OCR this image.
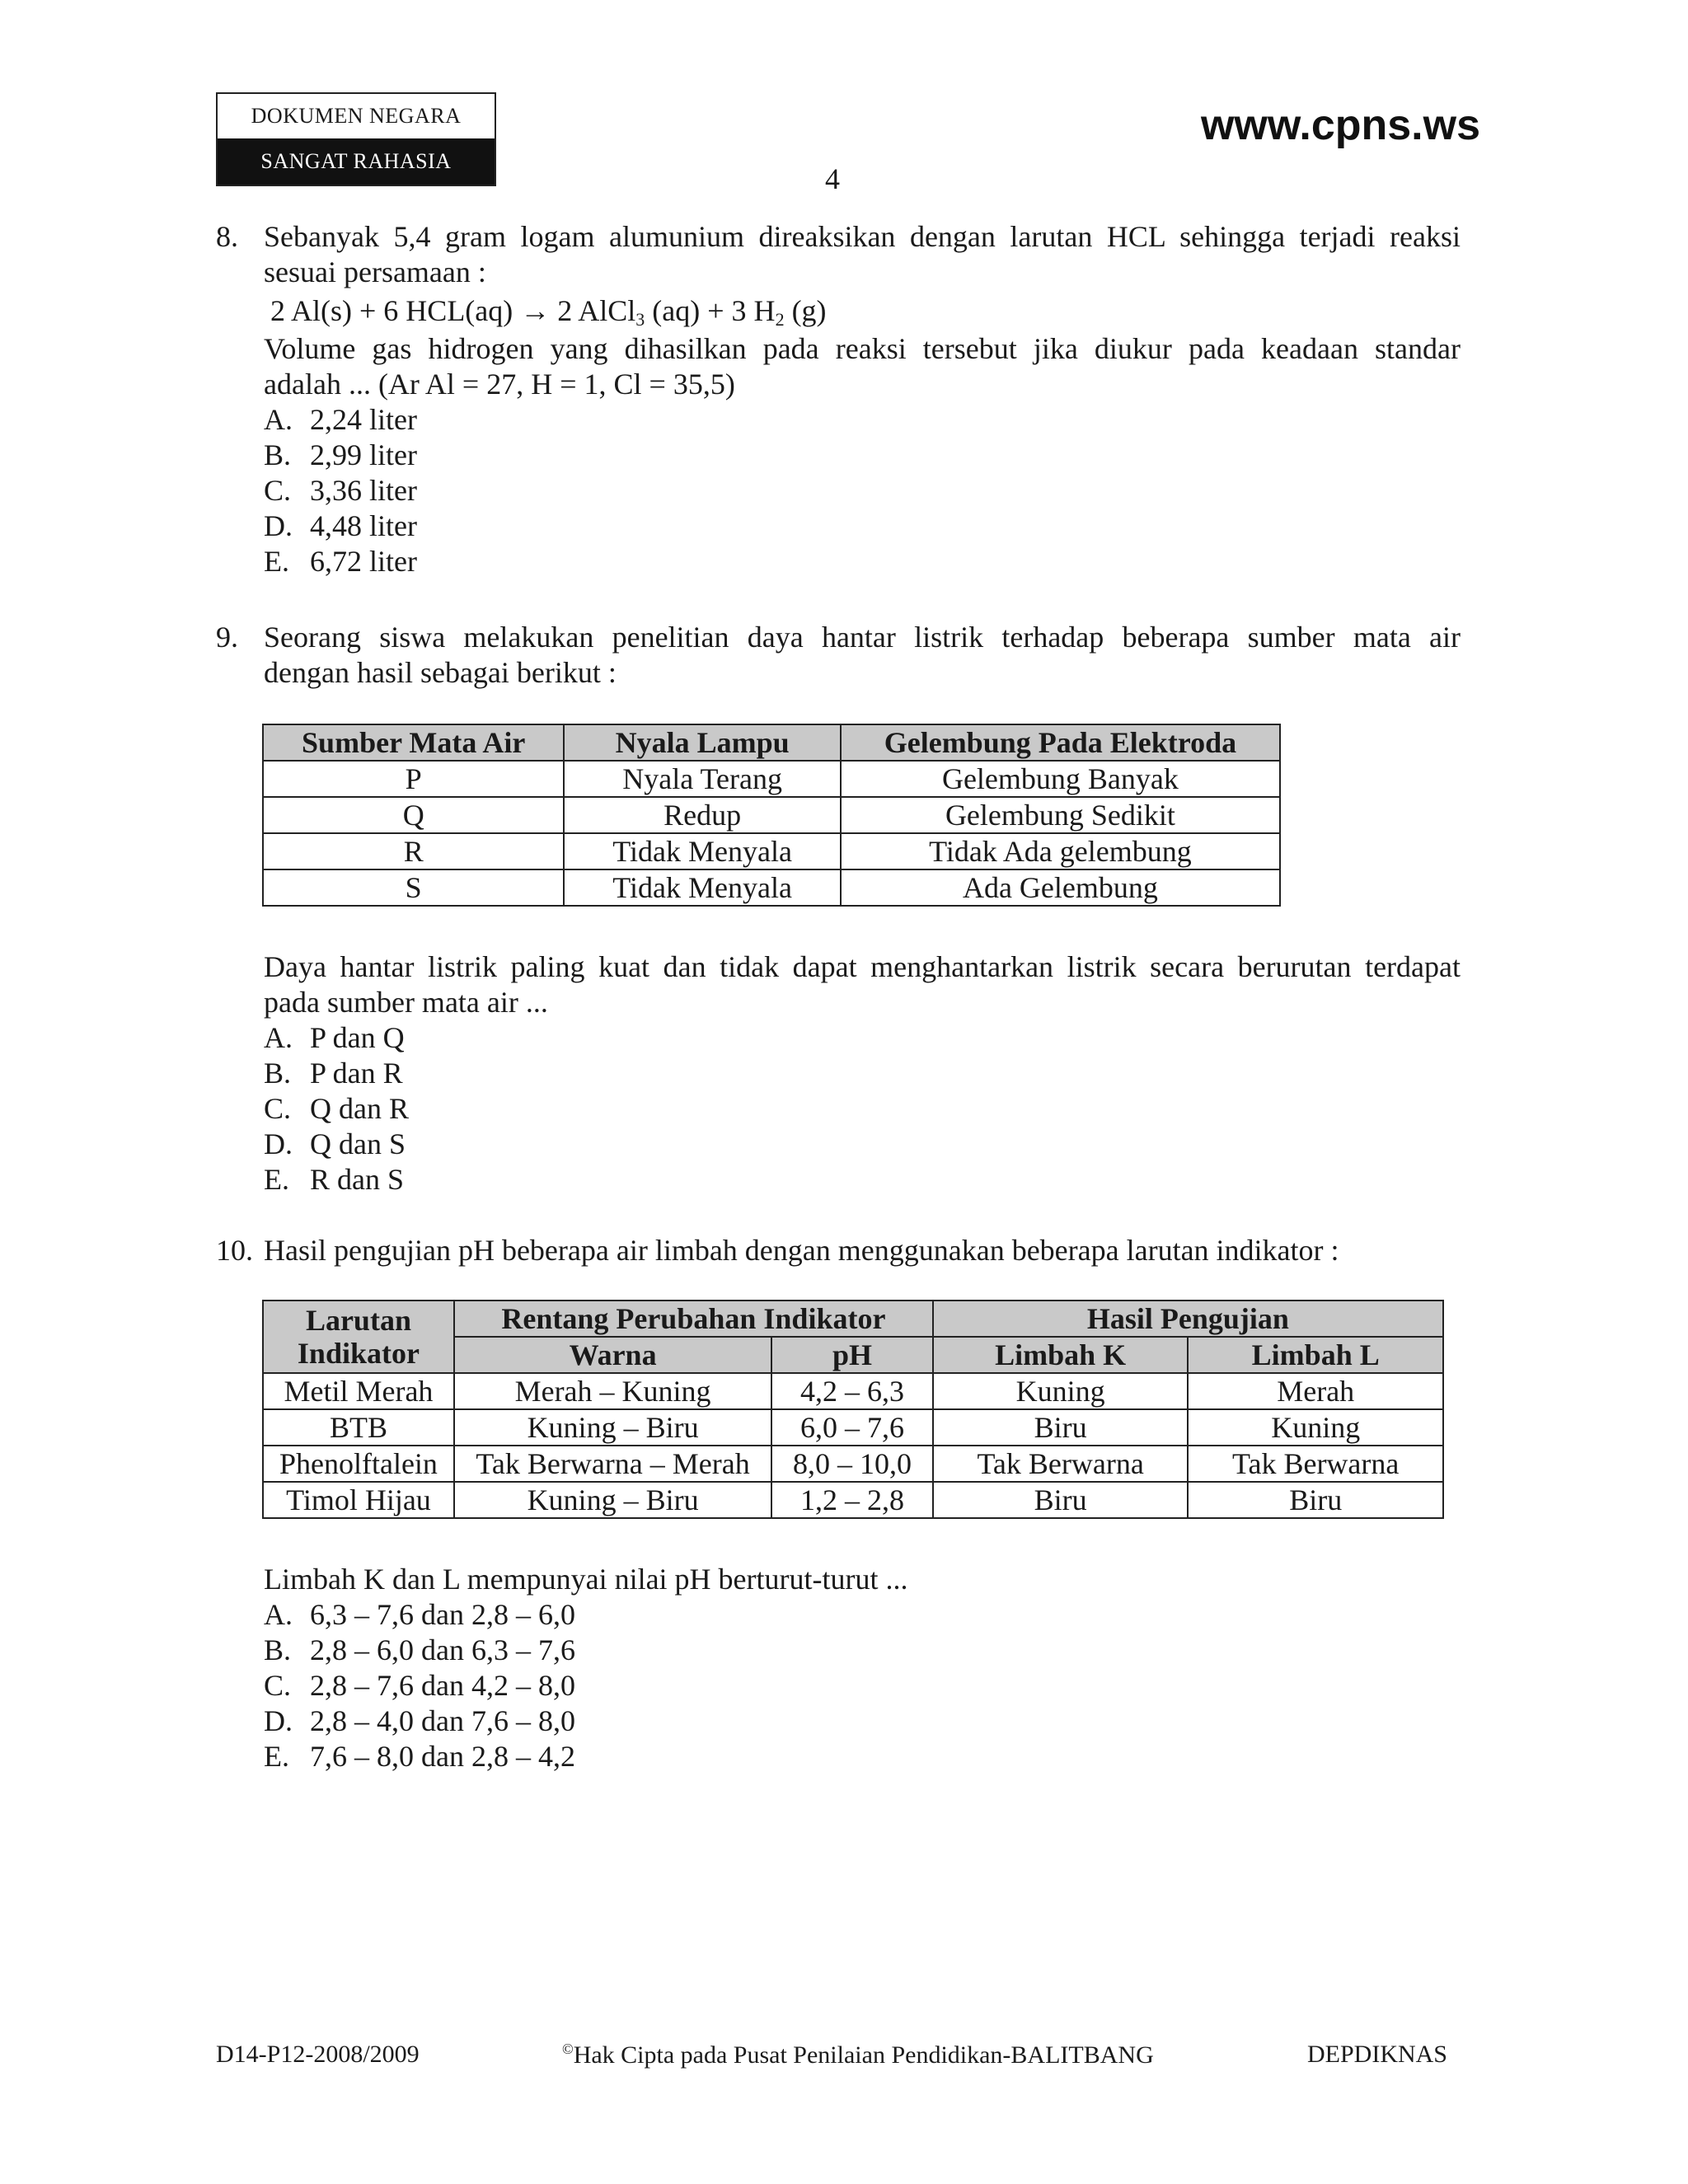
DOKUMEN NEGARA
SANGAT RAHASIA
www.cpns.ws
4
8. Sebanyak 5,4 gram logam alumunium direaksikan dengan larutan HCL sehingga terjadi reaksi
sesuai persamaan :
2 Al(s) + 6 HCL(aq) → 2 AlCl$_3$ (aq) + 3 $H_2$ (g)
Volume gas hidrogen yang dihasilkan pada reaksi tersebut jika diukur pada keadaan standar
adalah ... (Ar Al = 27, H = 1, Cl = 35,5)
A. 2,24 liter
B. 2,99 liter
C. 3,36 liter
D. 4,48 liter
E. 6,72 liter
9. Seorang siswa melakukan penelitian daya hantar listrik terhadap beberapa sumber mata air
dengan hasil sebagai berikut :
Sumber Mata Air	Nyala Lampu	Gelembung Pada Elektroda
P	Nyala Terang	Gelembung Banyak
Q	Redup	Gelembung Sedikit
R	Tidak Menyala	Tidak Ada gelembung
S	Tidak Menyala	Ada Gelembung
Daya hantar listrik paling kuat dan tidak dapat menghantarkan listrik secara berurutan terdapat
pada sumber mata air ...
A. P dan Q
B. P dan R
C. Q dan R
D. Q dan S
E. R dan S
10. Hasil pengujian pH beberapa air limbah dengan menggunakan beberapa larutan indikator :
Larutan Indikator	Rentang Perubahan Indikator		Hasil Pengujian	
	Warna	pH	Limbah K	Limbah L
Metil Merah	Merah – Kuning	4,2 – 6,3	Kuning	Merah
BTB	Kuning – Biru	6,0 – 7,6	Biru	Kuning
Phenolftalein	Tak Berwarna – Merah	8,0 – 10,0	Tak Berwarna	Tak Berwarna
Timol Hijau	Kuning – Biru	1,2 – 2,8	Biru	Biru
Limbah K dan L mempunyai nilai pH berturut-turut ...
A. 6,3 – 7,6 dan 2,8 – 6,0
B. 2,8 – 6,0 dan 6,3 – 7,6
C. 2,8 – 7,6 dan 4,2 – 8,0
D. 2,8 – 4,0 dan 7,6 – 8,0
E. 7,6 – 8,0 dan 2,8 – 4,2
D14-P12-2008/2009	©Hak Cipta pada Pusat Penilaian Pendidikan-BALITBANG	DEPDIKNAS
